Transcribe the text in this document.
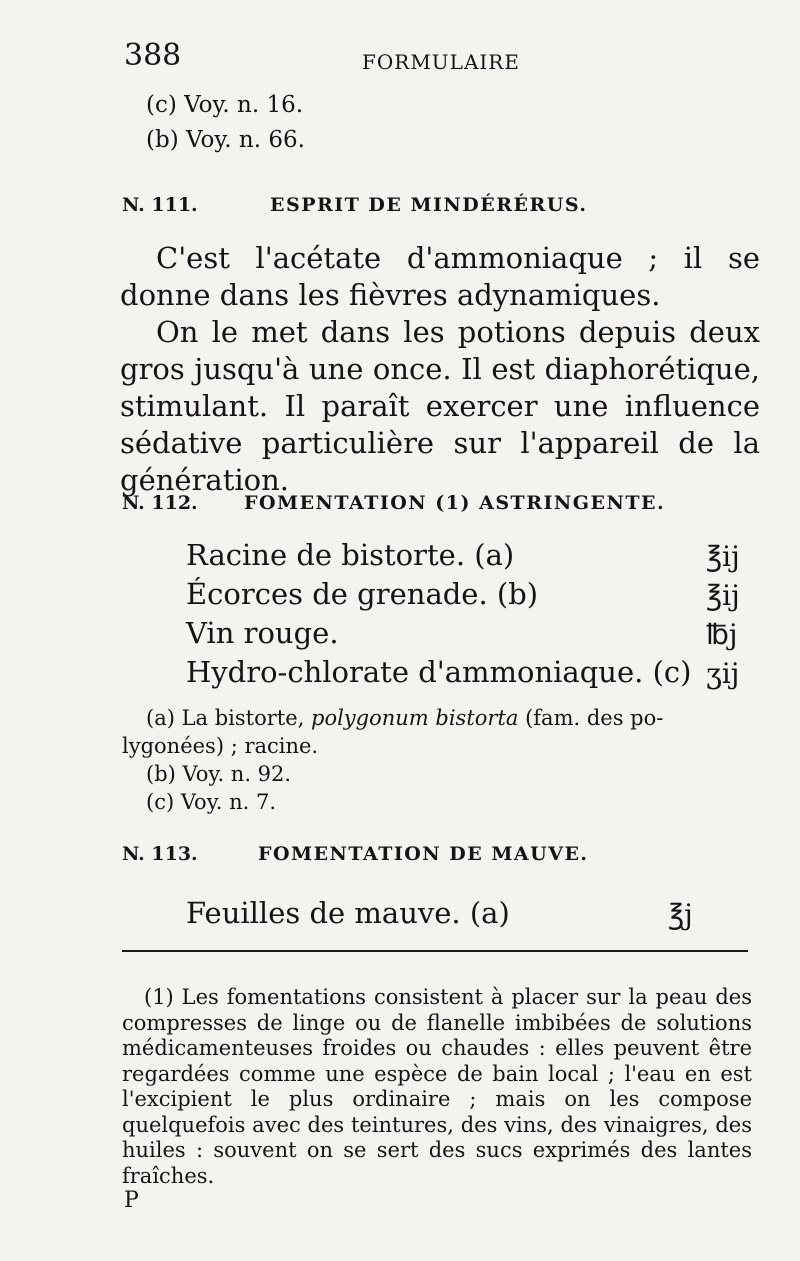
388	FORMULAIRE
(c) Voy. n. 16.
(b) Voy. n. 66.
N. 111.	ESPRIT DE MINDÉRÉRUS.

C'est l'acétate d'ammoniaque ; il se donne dans les fièvres adynamiques.

On le met dans les potions depuis deux gros jusqu'à une once. Il est diaphorétique, stimulant. Il paraît exercer une influence sédative particulière sur l'appareil de la génération.

N. 112. FOMENTATION (1) ASTRINGENTE.
Racine de bistorte. (a)	℥ij
Écorces de grenade. (b)	℥ij
Vin rouge.	℔j
Hydro-chlorate d'ammoniaque. (c) ʒij
(a) La bistorte, polygonum bistorta (fam. des po-
lygonées) ; racine.
(b) Voy. n. 92.
(c) Voy. n. 7.
N. 113.	FOMENTATION DE MAUVE.
Feuilles de mauve. (a)	℥j

(1) Les fomentations consistent à placer sur la peau des compresses de linge ou de flanelle imbibées de solutions médicamenteuses froides ou chaudes : elles peuvent être regardées comme une espèce de bain local ; l'eau en est l'excipient le plus ordinaire ; mais on les compose quelquefois avec des teintures, des vins, des vinaigres, des huiles : souvent on se sert des sucs exprimés des lantes fraîches.

P
